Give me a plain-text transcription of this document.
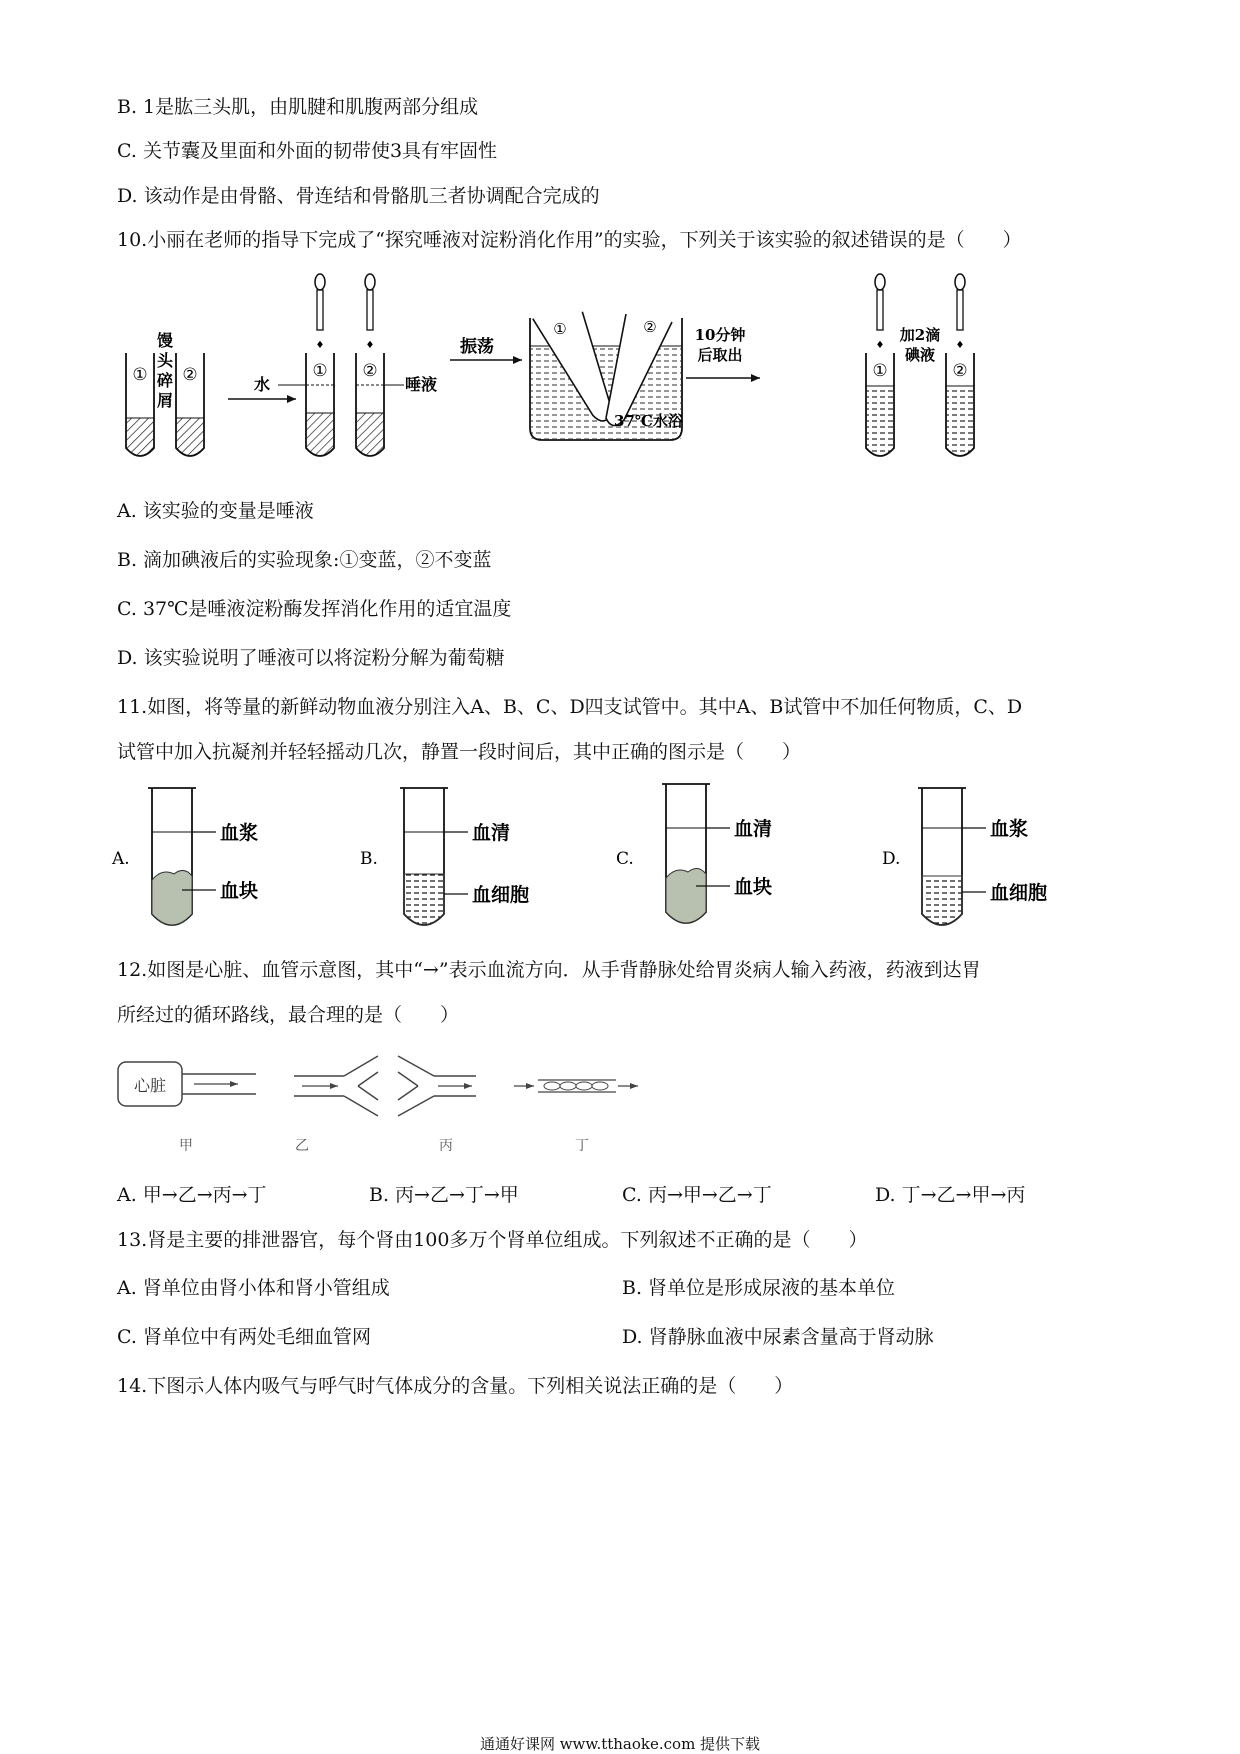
B. 1是肱三头肌，由肌腱和肌腹两部分组成
C. 关节囊及里面和外面的韧带使3具有牢固性
D. 该动作是由骨骼、骨连结和骨骼肌三者协调配合完成的
10.小丽在老师的指导下完成了“探究唾液对淀粉消化作用”的实验，下列关于该实验的叙述错误的是（　　）
① ②
馒
头
碎
屑
♦
①
♦
②
水	唾液
振荡
①	②
37℃水浴
10分钟
后取出
♦
①
♦
②
加2滴
碘液
A. 该实验的变量是唾液
B. 滴加碘液后的实验现象:①变蓝，②不变蓝
C. 37℃是唾液淀粉酶发挥消化作用的适宜温度
D. 该实验说明了唾液可以将淀粉分解为葡萄糖
11.如图，将等量的新鲜动物血液分别注入A、B、C、D四支试管中。其中A、B试管中不加任何物质，C、D
试管中加入抗凝剂并轻轻摇动几次，静置一段时间后，其中正确的图示是（　　）
A.
血浆
血块
B.
血清
血细胞
C.
血清
血块
D.
血浆
血细胞
12.如图是心脏、血管示意图，其中“→”表示血流方向．从手背静脉处给胃炎病人输入药液，药液到达胃
所经过的循环路线，最合理的是（　　）
心脏
甲	乙	丙	丁
A. 甲→乙→丙→丁	B. 丙→乙→丁→甲	C. 丙→甲→乙→丁	D. 丁→乙→甲→丙
13.肾是主要的排泄器官，每个肾由100多万个肾单位组成。下列叙述不正确的是（　　）
A. 肾单位由肾小体和肾小管组成	B. 肾单位是形成尿液的基本单位
C. 肾单位中有两处毛细血管网	D. 肾静脉血液中尿素含量高于肾动脉
14.下图示人体内吸气与呼气时气体成分的含量。下列相关说法正确的是（　　）
通通好课网 www.tthaoke.com 提供下载
